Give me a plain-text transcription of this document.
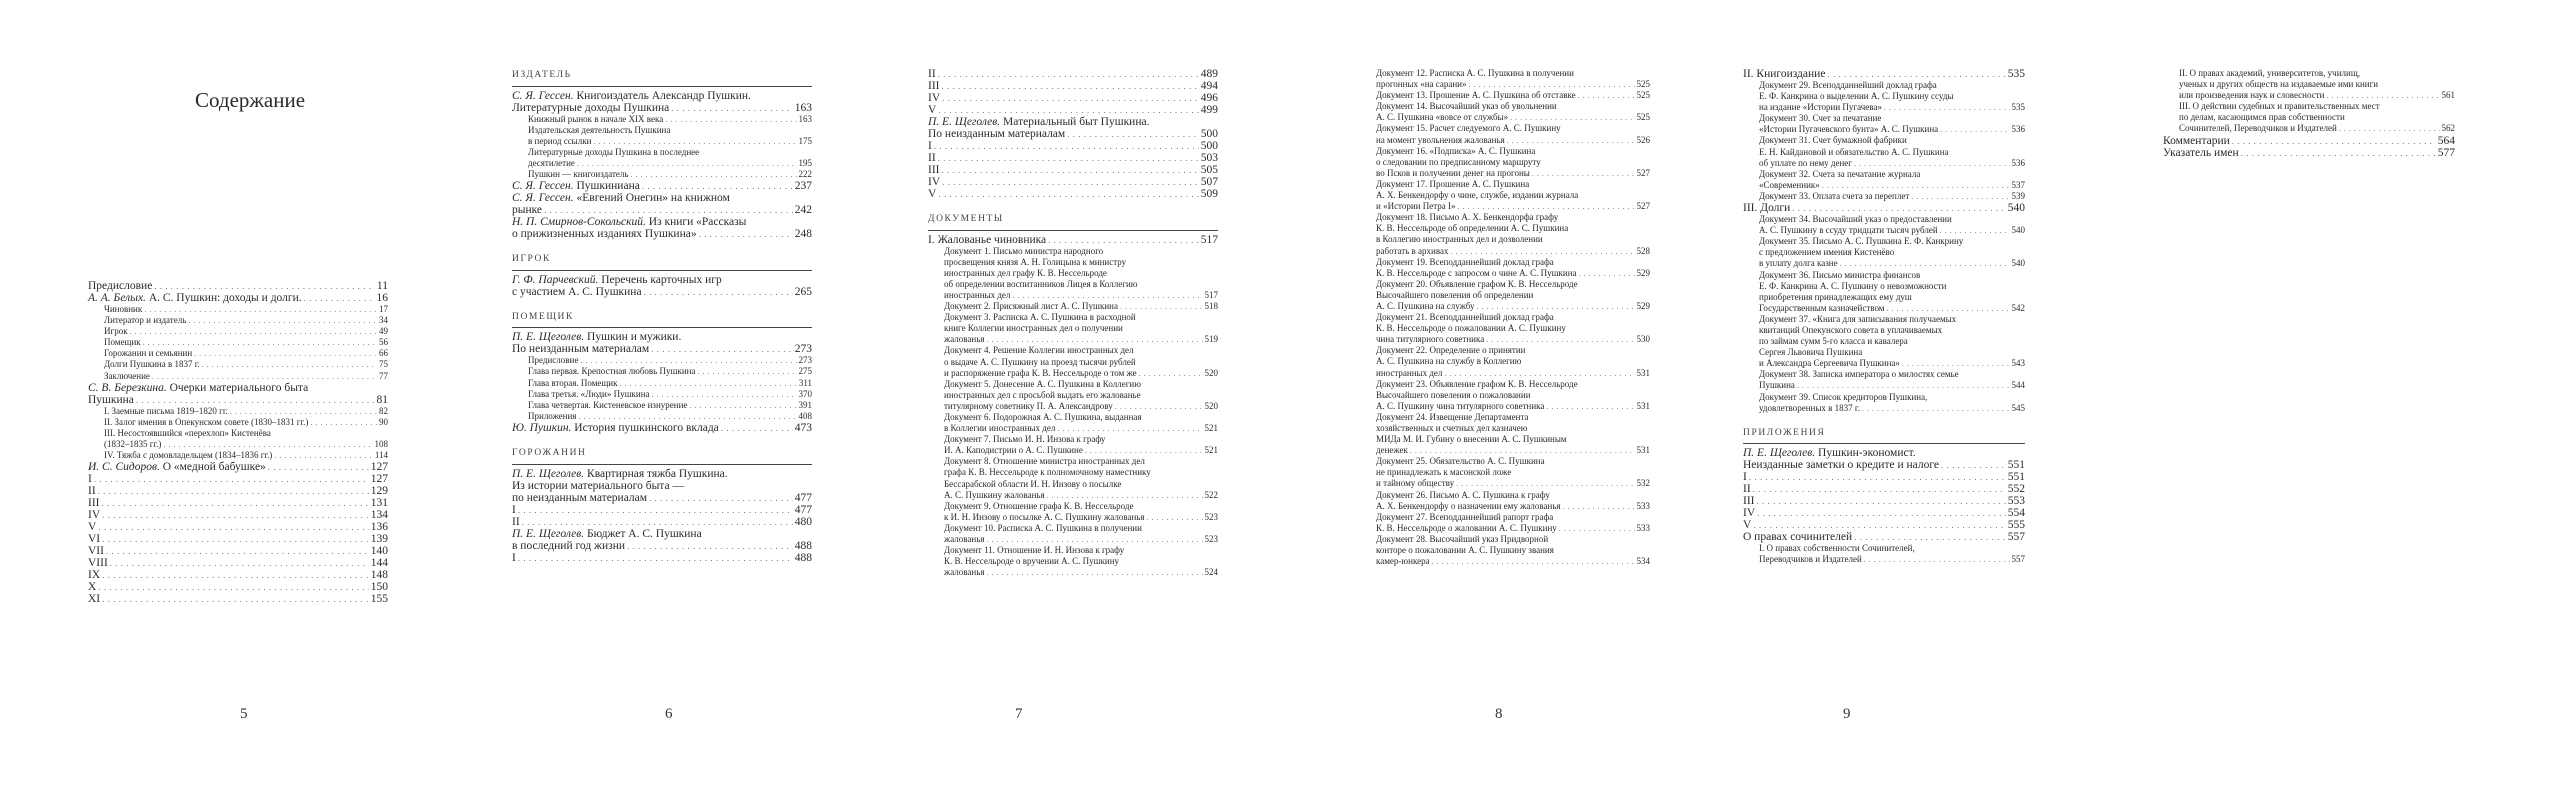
Содержание
Предисловие . . .	11
А. А. Белых. А. С. Пушкин: доходы и долги. . . .	16
Чиновник . . .	17
Литератор и издатель . . .	34
Игрок . . .	49
Помещик . . .	56
Горожанин и семьянин . . .	66
Долги Пушкина в 1837 г. . . .	75
Заключение . . .	77
С. В. Березкина. Очерки материального быта
Пушкина . . .	81
I. Заемные письма 1819–1820 гг. . . .	82
II. Залог имения в Опекунском совете (1830–1831 гг.) . . .	90
III. Несостоявшийся «перехлоп» Кистенёва
(1832–1835 гг.) . . .	108
IV. Тяжба с домовладельцем (1834–1836 гг.) . . .	114
И. С. Сидоров. О «медной бабушке» . . .	127
I . . .	127
II . . .	129
III . . .	131
IV . . .	134
V . . .	136
VI . . .	139
VII . . .	140
VIII . . .	144
IX . . .	148
X . . .	150
XI . . .	155
5
ИЗДАТЕЛЬ
С. Я. Гессен. Книгоиздатель Александр Пушкин.
Литературные доходы Пушкина . . .	163
Книжный рынок в начале XIX века . . .	163
Издательская деятельность Пушкина
в период ссылки . . .	175
Литературные доходы Пушкина в последнее
десятилетие . . .	195
Пушкин — книгоиздатель . . .	222
С. Я. Гессен. Пушкиниана . . .	237
С. Я. Гессен. «Евгений Онегин» на книжном
рынке . . .	242
Н. П. Смирнов-Сокольский. Из книги «Рассказы
о прижизненных изданиях Пушкина» . . .	248
ИГРОК
Г. Ф. Парчевский. Перечень карточных игр
с участием А. С. Пушкина . . .	265
ПОМЕЩИК
П. Е. Щеголев. Пушкин и мужики.
По неизданным материалам . . .	273
Предисловие . . .	273
Глава первая. Крепостная любовь Пушкина . . .	275
Глава вторая. Помещик . . .	311
Глава третья. «Люди» Пушкина . . .	370
Глава четвертая. Кистеневское изнурение . . .	391
Приложения . . .	408
Ю. Пушкин. История пушкинского вклада . . .	473
ГОРОЖАНИН
П. Е. Щеголев. Квартирная тяжба Пушкина.
Из истории материального быта —
по неизданным материалам . . .	477
I . . .	477
II . . .	480
П. Е. Щеголев. Бюджет А. С. Пушкина
в последний год жизни . . .	488
I . . .	488
6
II . . .	489
III . . .	494
IV . . .	496
V . . .	499
П. Е. Щеголев. Материальный быт Пушкина.
По неизданным материалам . . .	500
I . . .	500
II . . .	503
III . . .	505
IV . . .	507
V . . .	509
ДОКУМЕНТЫ
I. Жалованье чиновника . . .	517
Документ 1. Письмо министра народного
просвещения князя А. Н. Голицына к министру
иностранных дел графу К. В. Нессельроде
об определении воспитанников Лицея в Коллегию
иностранных дел . . .	517
Документ 2. Присяжный лист А. С. Пушкина . . .	518
Документ 3. Расписка А. С. Пушкина в расходной
книге Коллегии иностранных дел о получении
жалованья . . .	519
Документ 4. Решение Коллегии иностранных дел
о выдаче А. С. Пушкину на проезд тысячи рублей
и распоряжение графа К. В. Нессельроде о том же . . .	520
Документ 5. Донесение А. С. Пушкина в Коллегию
иностранных дел с просьбой выдать его жалованье
титулярному советнику П. А. Александрову . . .	520
Документ 6. Подорожная А. С. Пушкина, выданная
в Коллегии иностранных дел . . .	521
Документ 7. Письмо И. Н. Инзова к графу
И. А. Каподистрии о А. С. Пушкине . . .	521
Документ 8. Отношение министра иностранных дел
графа К. В. Нессельроде к полномочному наместнику
Бессарабской области И. Н. Инзову о посылке
А. С. Пушкину жалованья . . .	522
Документ 9. Отношение графа К. В. Нессельроде
к И. Н. Инзову о посылке А. С. Пушкину жалованья . . .	523
Документ 10. Расписка А. С. Пушкина в получении
жалованья . . .	523
Документ 11. Отношение И. Н. Инзова к графу
К. В. Нессельроде о вручении А. С. Пушкину
жалованья . . .	524
7
Документ 12. Расписка А. С. Пушкина в получении
прогонных «на сарани» . . .	525
Документ 13. Прошение А. С. Пушкина об отставке . . .	525
Документ 14. Высочайший указ об увольнении
А. С. Пушкина «вовсе от службы» . . .	525
Документ 15. Расчет следуемого А. С. Пушкину
на момент увольнения жалованья . . .	526
Документ 16. «Подписка» А. С. Пушкина
о следовании по предписанному маршруту
во Псков и получении денег на прогоны . . .	527
Документ 17. Прошение А. С. Пушкина
А. Х. Бенкендорфу о чине, службе, издании журнала
и «Истории Петра I» . . .	527
Документ 18. Письмо А. Х. Бенкендорфа графу
К. В. Нессельроде об определении А. С. Пушкина
в Коллегию иностранных дел и дозволении
работать в архивах . . .	528
Документ 19. Всеподданнейший доклад графа
К. В. Нессельроде с запросом о чине А. С. Пушкина . . .	529
Документ 20. Объявление графом К. В. Нессельроде
Высочайшего повеления об определении
А. С. Пушкина на службу . . .	529
Документ 21. Всеподданнейший доклад графа
К. В. Нессельроде о пожаловании А. С. Пушкину
чина титулярного советника . . .	530
Документ 22. Определение о принятии
А. С. Пушкина на службу в Коллегию
иностранных дел . . .	531
Документ 23. Объявление графом К. В. Нессельроде
Высочайшего повеления о пожаловании
А. С. Пушкину чина титулярного советника . . .	531
Документ 24. Извещение Департамента
хозяйственных и счетных дел казначею
МИДа М. И. Губину о внесении А. С. Пушкиным
денежек . . .	531
Документ 25. Обязательство А. С. Пушкина
не принадлежать к масонской ложе
и тайному обществу . . .	532
Документ 26. Письмо А. С. Пушкина к графу
А. Х. Бенкендорфу о назначении ему жалованья . . .	533
Документ 27. Всеподданнейший рапорт графа
К. В. Нессельроде о жаловании А. С. Пушкину . . .	533
Документ 28. Высочайший указ Придворной
конторе о пожаловании А. С. Пушкину звания
камер-юнкера . . .	534
8
II. Книгоиздание . . .	535
Документ 29. Всеподданнейший доклад графа
Е. Ф. Канкрина о выделении А. С. Пушкину ссуды
на издание «Истории Пугачева» . . .	535
Документ 30. Счет за печатание
«Истории Пугачевского бунта» А. С. Пушкина . . .	536
Документ 31. Счет бумажной фабрики
Е. Н. Кайдановой и обязательство А. С. Пушкина
об уплате по нему денег . . .	536
Документ 32. Счета за печатание журнала
«Современник» . . .	537
Документ 33. Оплата счета за переплет . . .	539
III. Долги . . .	540
Документ 34. Высочайший указ о предоставлении
А. С. Пушкину в ссуду тридцати тысяч рублей . . .	540
Документ 35. Письмо А. С. Пушкина Е. Ф. Канкрину
с предложением имения Кистенёво
в уплату долга казне . . .	540
Документ 36. Письмо министра финансов
Е. Ф. Канкрина А. С. Пушкину о невозможности
приобретения принадлежащих ему душ
Государственным казначейством . . .	542
Документ 37. «Книга для записывания получаемых
квитанций Опекунского совета в уплачиваемых
по займам сумм 5-го класса и кавалера
Сергея Львовича Пушкина
и Александра Сергеевича Пушкина» . . .	543
Документ 38. Записка императора о милостях семье
Пушкина . . .	544
Документ 39. Список кредиторов Пушкина,
удовлетворенных в 1837 г. . . .	545
ПРИЛОЖЕНИЯ
П. Е. Щеголев. Пушкин-экономист.
Неизданные заметки о кредите и налоге . . .	551
I . . .	551
II . . .	552
III . . .	553
IV . . .	554
V . . .	555
О правах сочинителей . . .	557
I. О правах собственности Сочинителей,
Переводчиков и Издателей . . .	557
II. О правах академий, университетов, училищ,
ученых и других обществ на издаваемые ими книги
или произведения наук и словесности . . .	561
III. О действии судебных и правительственных мест
по делам, касающимся прав собственности
Сочинителей, Переводчиков и Издателей . . .	562
Комментарии . . .	564
Указатель имен . . .	577
9
